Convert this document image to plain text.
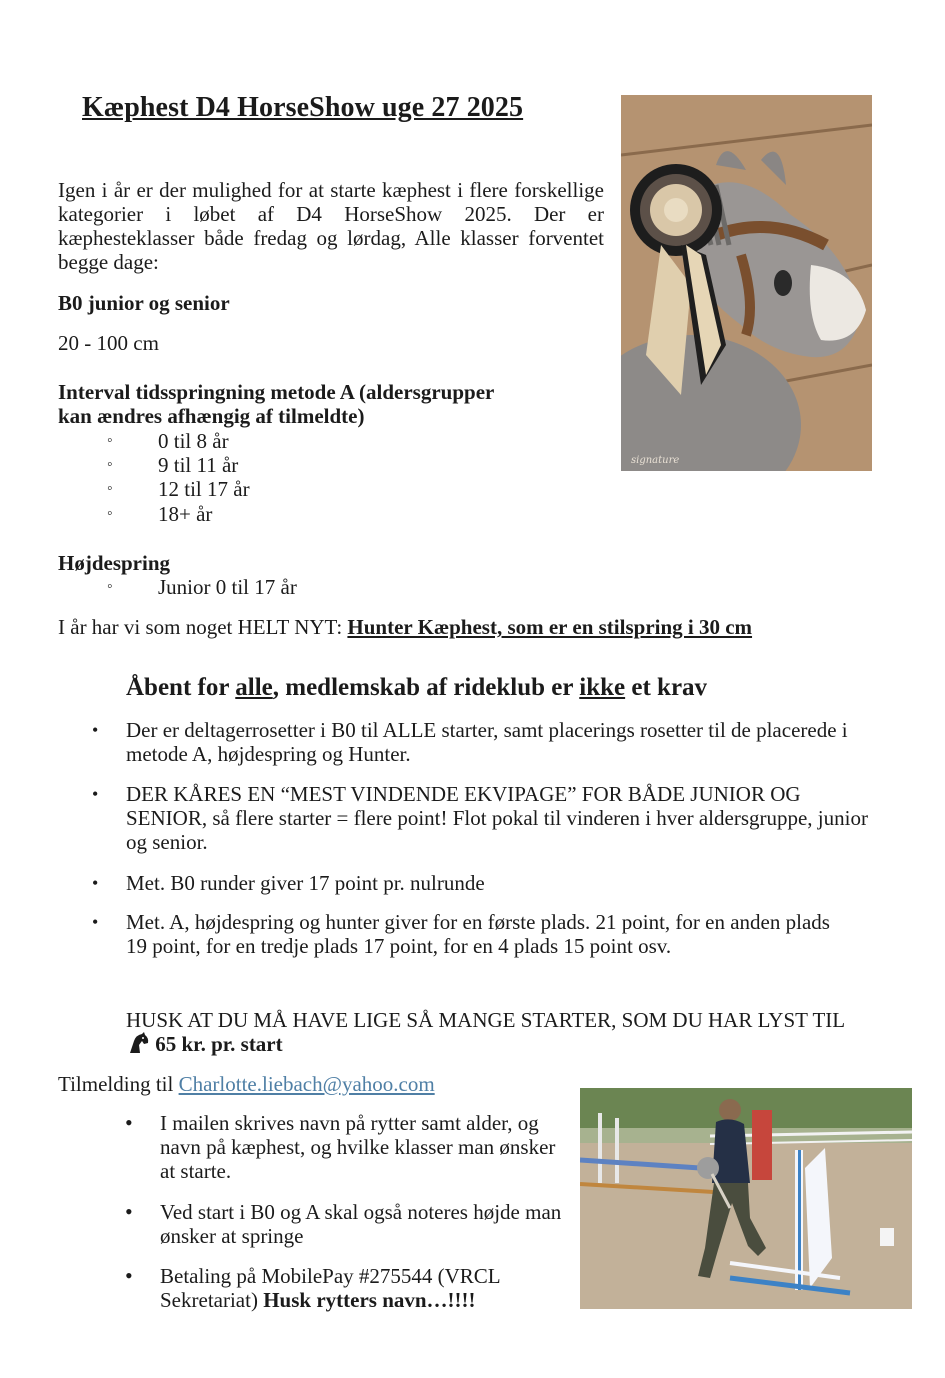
Kæphest D4 HorseShow uge 27 2025
signature

Igen i år er der mulighed for at starte kæphest i flere forskellige kategorier i løbet af D4 HorseShow 2025. Der er kæphesteklasser både fredag og lørdag, Alle klasser forventet begge dage:

B0 junior og senior
20 - 100 cm
Interval tidsspringning metode A (aldersgrupper
kan ændres afhængig af tilmeldte)
◦ 0 til 8 år
◦ 9 til 11 år
◦ 12 til 17 år
◦ 18+ år
Højdespring
◦ Junior 0 til 17 år
I år har vi som noget HELT NYT: Hunter Kæphest, som er en stilspring i 30 cm
Åbent for alle, medlemskab af rideklub er ikke et krav
• Der er deltagerrosetter i B0 til ALLE starter, samt placerings rosetter til de placerede i metode A, højdespring og Hunter.
• DER KÅRES EN “MEST VINDENDE EKVIPAGE” FOR BÅDE JUNIOR OG SENIOR, så flere starter = flere point! Flot pokal til vinderen i hver aldersgruppe, junior og senior.
• Met. B0 runder giver 17 point pr. nulrunde
• Met. A, højdespring og hunter giver for en første plads. 21 point, for en anden plads 19 point, for en tredje plads 17 point, for en 4 plads 15 point osv.
HUSK AT DU MÅ HAVE LIGE SÅ MANGE STARTER, SOM DU HAR LYST TIL  65 kr. pr. start
Tilmelding til Charlotte.liebach@yahoo.com
• I mailen skrives navn på rytter samt alder, og navn på kæphest, og hvilke klasser man ønsker at starte.
• Ved start i B0 og A skal også noteres højde man ønsker at springe
• Betaling på MobilePay #275544 (VRCL Sekretariat) Husk rytters navn…!!!!
